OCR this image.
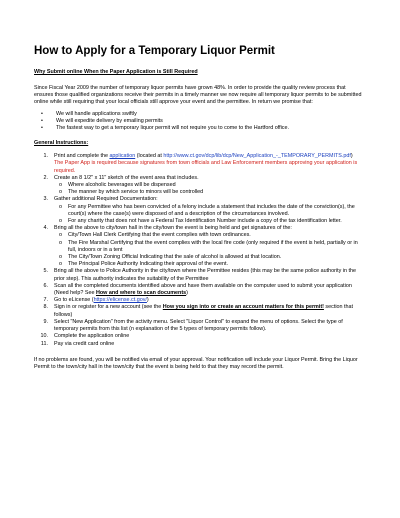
How to Apply for a Temporary Liquor Permit
Why Submit online When the Paper Application is Still Required

Since Fiscal Year 2009 the number of temporary liquor permits have grown 48%. In order to provide the quality review process that ensures those qualified organizations receive their permits in a timely manner we now require all temporary liquor permits to be submitted online while still requiring that your local officials still approve your event and the permittee. In return we promise that:

• We will handle applications swiftly
• We will expedite delivery by emailing permits
• The fastest way to get a temporary liquor permit will not require you to come to the Hartford office.
General Instructions:
1. Print and complete the application (located at http://www.ct.gov/dcp/lib/dcp/New_Application_-_TEMPORARY_PERMITS.pdf)
The Paper App is required because signatures from town officials and Law Enforcement members approving your application is required.
2. Create an 8 1/2" x 11" sketch of the event area that includes.
o Where alcoholic beverages will be dispensed
o The manner by which service to minors will be controlled
3. Gather additional Required Documentation:
o For any Permittee who has been convicted of a felony include a statement that includes the date of the conviction(s), the court(s) where the case(s) were disposed of and a description of the circumstances involved.
o For any charity that does not have a Federal Tax Identification Number include a copy of the tax identification letter.
4. Bring all the above to city/town hall in the city/town the event is being held and get signatures of the:
o City/Town Hall Clerk Certifying that the event complies with town ordinances.
o The Fire Marshal Certifying that the event complies with the local fire code (only required if the event is held, partially or in full, indoors or in a tent
o The City/Town Zoning Official Indicating that the sale of alcohol is allowed at that location.
o The Principal Police Authority Indicating their approval of the event.
5. Bring all the above to Police Authority in the city/town where the Permittee resides (this may be the same police authority in the prior step). This authority indicates the suitability of the Permittee
6. Scan all the completed documents identified above and have them available on the computer used to submit your application (Need help? See How and where to scan documents)
7. Go to eLicense (https://elicense.ct.gov/)
8. Sign in or register for a new account (see the How you sign into or create an account matters for this permit! section that follows)
9. Select "New Application" from the activity menu. Select "Liquor Control" to expand the menu of options. Select the type of temporary permits from this list (n explanation of the 5 types of temporary permits follow).
10. Complete the application online
11. Pay via credit card online

If no problems are found, you will be notified via email of your approval. Your notification will include your Liquor Permit. Bring the Liquor Permit to the town/city hall in the town/city that the event is being held to that they may record the permit.
